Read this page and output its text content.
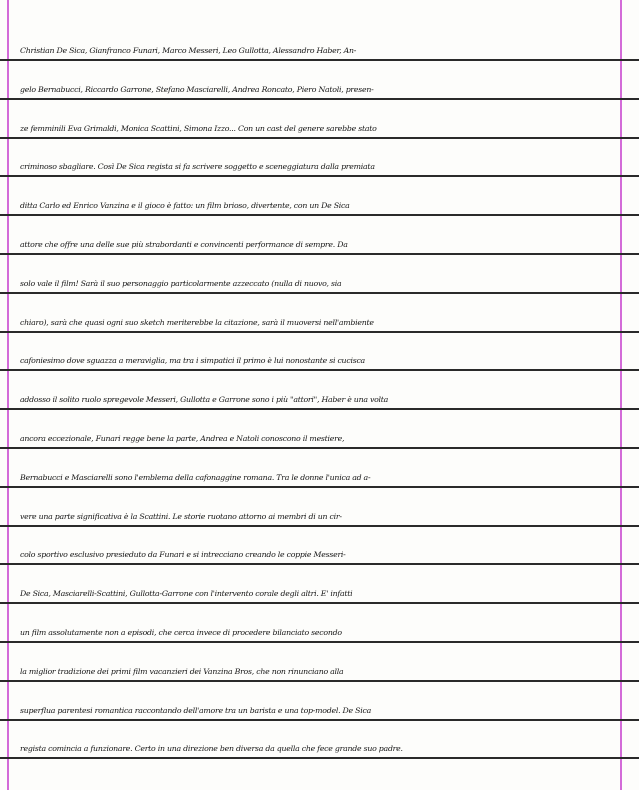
Christian De Sica, Gianfranco Funari, Marco Messeri, Leo Gullotta, Alessandro Haber, An-
gelo Bernabucci, Riccardo Garrone, Stefano Masciarelli, Andrea Roncato, Piero Natoli, presen-
ze femminili Eva Grimaldi, Monica Scattini, Simona Izzo... Con un cast del genere sarebbe stato
criminoso sbagliare. Così De Sica regista si fa scrivere soggetto e sceneggiatura dalla premiata
ditta Carlo ed Enrico Vanzina e il gioco è fatto: un film brioso, divertente, con un De Sica
attore che offre una delle sue più strabordanti e convincenti performance di sempre. Da
solo vale il film! Sarà il suo personaggio particolarmente azzeccato (nulla di nuovo, sia
chiaro), sarà che quasi ogni suo sketch meriterebbe la citazione, sarà il muoversi nell'ambiente
cafoniesimo dove sguazza a meraviglia, ma tra i simpatici il primo è lui nonostante si cucisca
addosso il solito ruolo spregevole Messeri, Gullotta e Garrone sono i più "attori", Haber è una volta
ancora eccezionale, Funari regge bene la parte, Andrea e Natoli conoscono il mestiere,
Bernabucci e Masciarelli sono l'emblema della cafonaggine romana. Tra le donne l'unica ad a-
vere una parte significativa è la Scattini. Le storie ruotano attorno ai membri di un cir-
colo sportivo esclusivo presieduto da Funari e si intrecciano creando le coppie Messeri-
De Sica, Masciarelli-Scattini, Gullotta-Garrone con l'intervento corale degli altri. E' infatti
un film assolutamente non a episodi, che cerca invece di procedere bilanciato secondo
la miglior tradizione dei primi film vacanzieri dei Vanzina Bros, che non rinunciano alla
superflua parentesi romantica raccontando dell'amore tra un barista e una top-model. De Sica
regista comincia a funzionare. Certo in una direzione ben diversa da quella che fece grande suo padre.
